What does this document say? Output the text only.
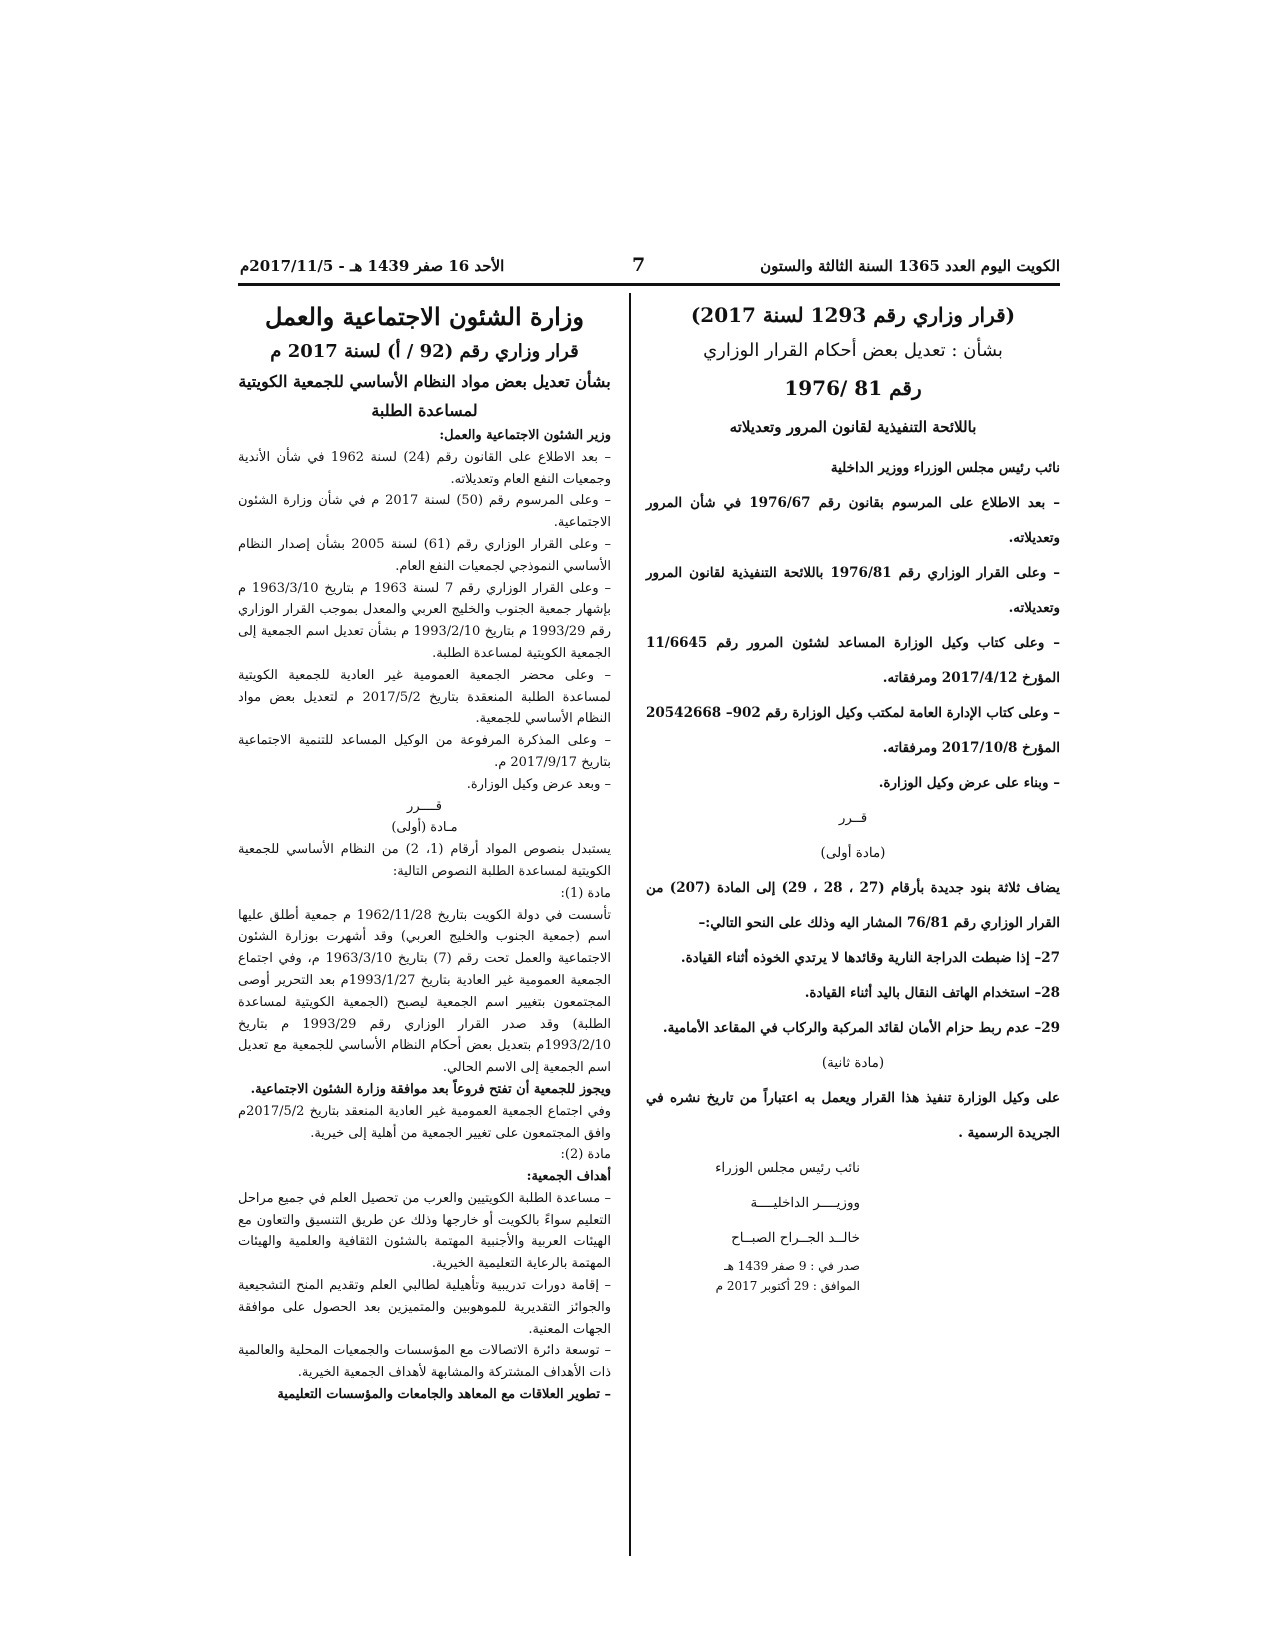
الكويت اليوم العدد 1365 السنة الثالثة والستون
7
الأحد 16 صفر 1439 هـ - 2017/11/5م

(قرار وزاري رقم 1293 لسنة 2017)

بشأن : تعديل بعض أحكام القرار الوزاري

رقم 81 /1976

باللائحة التنفيذية لقانون المرور وتعديلاته

نائب رئيس مجلس الوزراء ووزير الداخلية

– بعد الاطلاع على المرسوم بقانون رقم 1976/67 في شأن المرور وتعديلاته.

– وعلى القرار الوزاري رقم 1976/81 باللائحة التنفيذية لقانون المرور وتعديلاته.

– وعلى كتاب وكيل الوزارة المساعد لشئون المرور رقم 11/6645 المؤرخ 2017/4/12 ومرفقاته.

– وعلى كتاب الإدارة العامة لمكتب وكيل الوزارة رقم 902– 20542668 المؤرخ 2017/10/8 ومرفقاته.

– وبناء على عرض وكيل الوزارة.

قــرر

(مادة أولى)

يضاف ثلاثة بنود جديدة بأرقام (27 ، 28 ، 29) إلى المادة (207) من القرار الوزاري رقم 76/81 المشار اليه وذلك على النحو التالي:–

27– إذا ضبطت الدراجة النارية وقائدها لا يرتدي الخوذه أثناء القيادة.

28– استخدام الهاتف النقال باليد أثناء القيادة.

29– عدم ربط حزام الأمان لقائد المركبة والركاب في المقاعد الأمامية.

(مادة ثانية)

على وكيل الوزارة تنفيذ هذا القرار ويعمل به اعتباراً من تاريخ نشره في الجريدة الرسمية .

نائب رئيس مجلس الوزراء

ووزيــــر الداخليــــة

خالــد الجــراح الصبــاح

صدر في : 9 صفر 1439 هـ

الموافق : 29 أكتوبر 2017 م

وزارة الشئون الاجتماعية والعمل

قرار وزاري رقم (92 / أ) لسنة 2017 م

بشأن تعديل بعض مواد النظام الأساسي للجمعية الكويتية لمساعدة الطلبة

وزير الشئون الاجتماعية والعمل:

– بعد الاطلاع على القانون رقم (24) لسنة 1962 في شأن الأندية وجمعيات النفع العام وتعديلاته.

– وعلى المرسوم رقم (50) لسنة 2017 م في شأن وزارة الشئون الاجتماعية.

– وعلى القرار الوزاري رقم (61) لسنة 2005 بشأن إصدار النظام الأساسي النموذجي لجمعيات النفع العام.

– وعلى القرار الوزاري رقم 7 لسنة 1963 م بتاريخ 1963/3/10 م بإشهار جمعية الجنوب والخليج العربي والمعدل بموجب القرار الوزاري رقم 1993/29 م بتاريخ 1993/2/10 م بشأن تعديل اسم الجمعية إلى الجمعية الكويتية لمساعدة الطلبة.

– وعلى محضر الجمعية العمومية غير العادية للجمعية الكويتية لمساعدة الطلبة المنعقدة بتاريخ 2017/5/2 م لتعديل بعض مواد النظام الأساسي للجمعية.

– وعلى المذكرة المرفوعة من الوكيل المساعد للتنمية الاجتماعية بتاريخ 2017/9/17 م.

– وبعد عرض وكيل الوزارة.

قــــرر

مـادة (أولى)

يستبدل بنصوص المواد أرقام (1، 2) من النظام الأساسي للجمعية الكويتية لمساعدة الطلبة النصوص التالية:

مادة (1):

تأسست في دولة الكويت بتاريخ 1962/11/28 م جمعية أطلق عليها اسم (جمعية الجنوب والخليج العربي) وقد أشهرت بوزارة الشئون الاجتماعية والعمل تحت رقم (7) بتاريخ 1963/3/10 م، وفي اجتماع الجمعية العمومية غير العادية بتاريخ 1993/1/27م بعد التحرير أوصى المجتمعون بتغيير اسم الجمعية ليصبح (الجمعية الكويتية لمساعدة الطلبة) وقد صدر القرار الوزاري رقم 1993/29 م بتاريخ 1993/2/10م بتعديل بعض أحكام النظام الأساسي للجمعية مع تعديل اسم الجمعية إلى الاسم الحالي.

ويجوز للجمعية أن تفتح فروعاً بعد موافقة وزارة الشئون الاجتماعية.

وفي اجتماع الجمعية العمومية غير العادية المنعقد بتاريخ 2017/5/2م وافق المجتمعون على تغيير الجمعية من أهلية إلى خيرية.

مادة (2):

أهداف الجمعية:

– مساعدة الطلبة الكويتيين والعرب من تحصيل العلم في جميع مراحل التعليم سواءً بالكويت أو خارجها وذلك عن طريق التنسيق والتعاون مع الهيئات العربية والأجنبية المهتمة بالشئون الثقافية والعلمية والهيئات المهتمة بالرعاية التعليمية الخيرية.

– إقامة دورات تدريبية وتأهيلية لطالبي العلم وتقديم المنح التشجيعية والجوائز التقديرية للموهوبين والمتميزين بعد الحصول على موافقة الجهات المعنية.

– توسعة دائرة الاتصالات مع المؤسسات والجمعيات المحلية والعالمية ذات الأهداف المشتركة والمشابهة لأهداف الجمعية الخيرية.

– تطوير العلاقات مع المعاهد والجامعات والمؤسسات التعليمية
